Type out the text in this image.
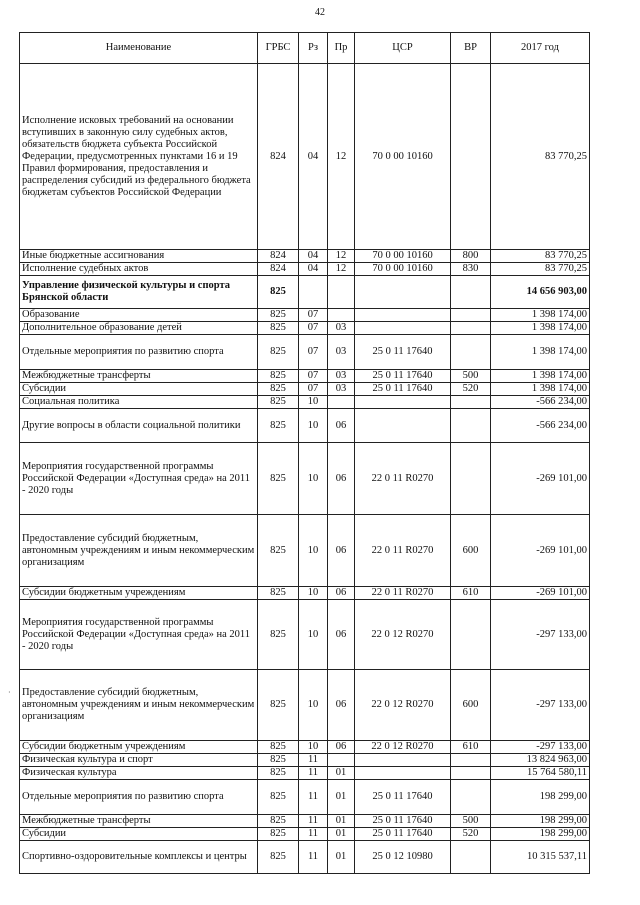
42
·
Наименование	ГРБС	Рз	Пр	ЦСР	ВР	2017 год
Исполнение исковых требований на основании вступивших в законную силу судебных актов, обязательств бюджета субъекта Российской Федерации, предусмотренных пунктами 16 и 19 Правил формирования, предоставления и распределения субсидий из федерального бюджета бюджетам субъектов Российской Федерации	824	04	12	70 0 00 10160		83 770,25
Иные бюджетные ассигнования	824	04	12	70 0 00 10160	800	83 770,25
Исполнение судебных актов	824	04	12	70 0 00 10160	830	83 770,25
Управление физической культуры и спорта Брянской области	825					14 656 903,00
Образование	825	07				1 398 174,00
Дополнительное образование детей	825	07	03			1 398 174,00
Отдельные мероприятия по развитию спорта	825	07	03	25 0 11 17640		1 398 174,00
Межбюджетные трансферты	825	07	03	25 0 11 17640	500	1 398 174,00
Субсидии	825	07	03	25 0 11 17640	520	1 398 174,00
Социальная политика	825	10				-566 234,00
Другие вопросы в области социальной политики	825	10	06			-566 234,00
Мероприятия государственной программы Российской Федерации «Доступная среда» на 2011 - 2020 годы	825	10	06	22 0 11 R0270		-269 101,00
Предоставление субсидий бюджетным, автономным учреждениям и иным некоммерческим организациям	825	10	06	22 0 11 R0270	600	-269 101,00
Субсидии бюджетным учреждениям	825	10	06	22 0 11 R0270	610	-269 101,00
Мероприятия государственной программы Российской Федерации «Доступная среда» на 2011 - 2020 годы	825	10	06	22 0 12 R0270		-297 133,00
Предоставление субсидий бюджетным, автономным учреждениям и иным некоммерческим организациям	825	10	06	22 0 12 R0270	600	-297 133,00
Субсидии бюджетным учреждениям	825	10	06	22 0 12 R0270	610	-297 133,00
Физическая культура и спорт	825	11				13 824 963,00
Физическая культура	825	11	01			15 764 580,11
Отдельные мероприятия по развитию спорта	825	11	01	25 0 11 17640		198 299,00
Межбюджетные трансферты	825	11	01	25 0 11 17640	500	198 299,00
Субсидии	825	11	01	25 0 11 17640	520	198 299,00
Спортивно-оздоровительные комплексы и центры	825	11	01	25 0 12 10980		10 315 537,11
